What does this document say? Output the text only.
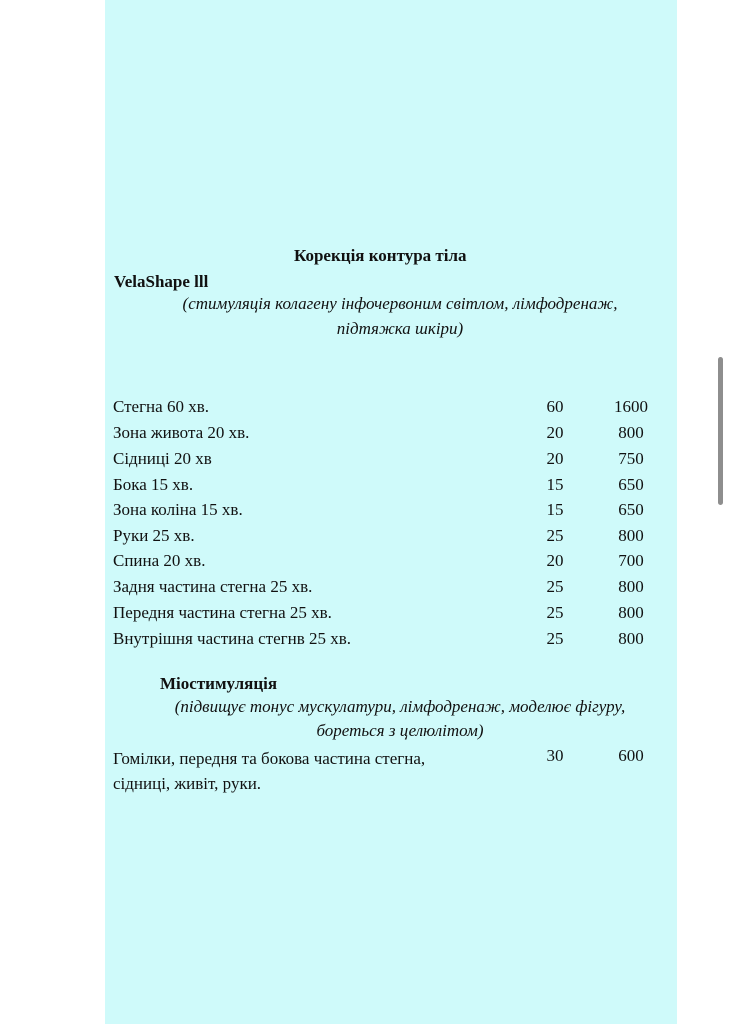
Корекція контура тіла
VelaShape lll
(стимуляція колагену інфочервоним світлом, лімфодренаж,
підтяжка шкіри)
Стегна 60 хв.	60	1600
Зона живота 20 хв.	20	800
Сідниці 20 хв	20	750
Бока 15 хв.	15	650
Зона коліна 15 хв.	15	650
Руки 25 хв.	25	800
Спина 20 хв.	20	700
Задня частина стегна 25 хв.	25	800
Передня частина стегна 25 хв.	25	800
Внутрішня частина стегнв 25 хв.	25	800
Міостимуляція
(підвищує тонус мускулатури, лімфодренаж, моделює фігуру,
бореться з целюлітом)
Гомілки, передня та бокова частина стегна,
сідниці, живіт, руки.
30	600
